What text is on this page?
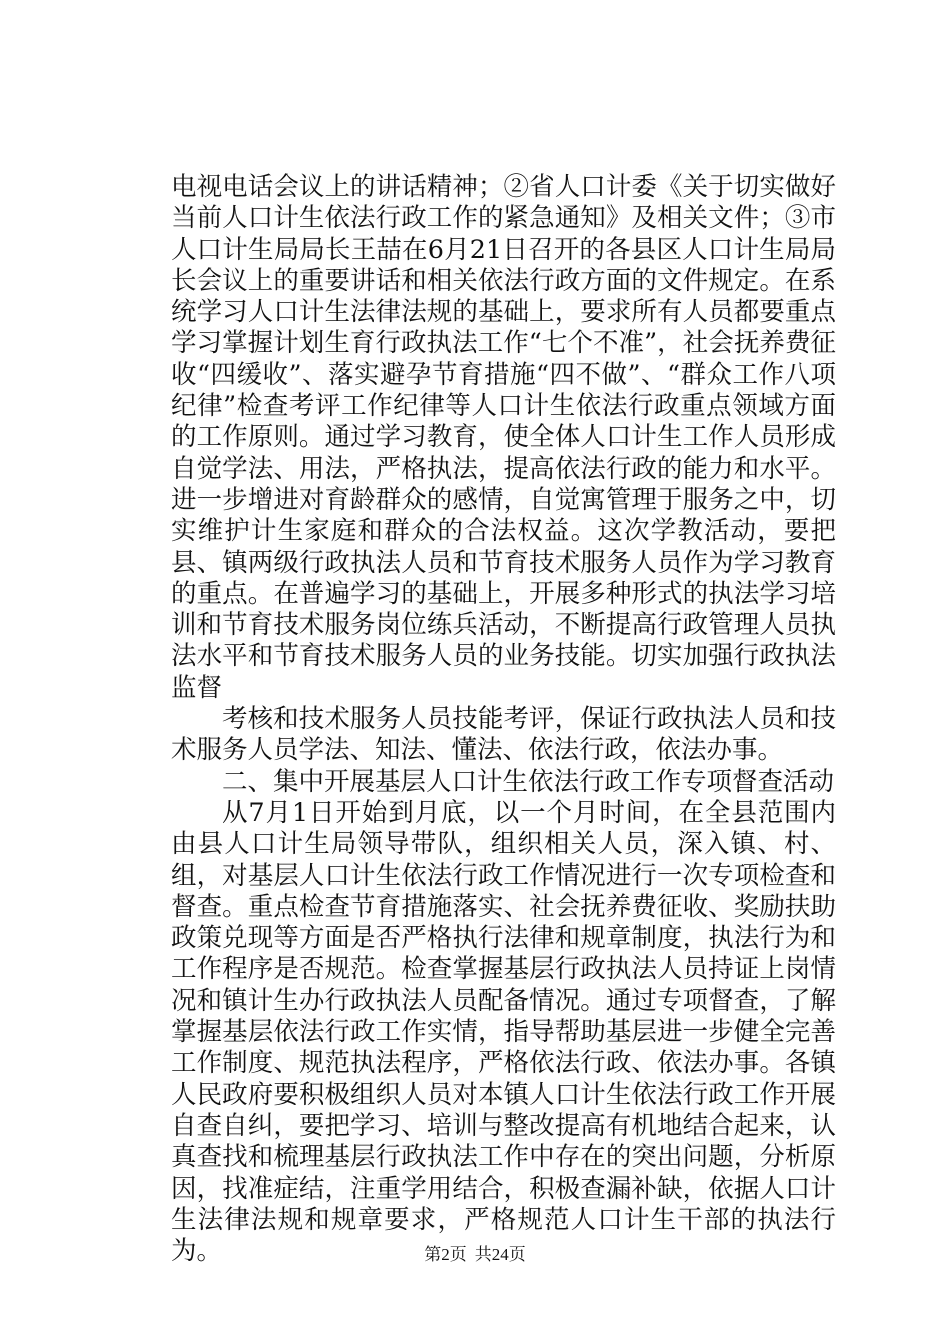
电视电话会议上的讲话精神；②省人口计委《关于切实做好当前人口计生依法行政工作的紧急通知》及相关文件；③市人口计生局局长王喆在6月21日召开的各县区人口计生局局长会议上的重要讲话和相关依法行政方面的文件规定。在系统学习人口计生法律法规的基础上，要求所有人员都要重点学习掌握计划生育行政执法工作“七个不准”，社会抚养费征收“四缓收”、落实避孕节育措施“四不做”、“群众工作八项纪律”检查考评工作纪律等人口计生依法行政重点领域方面的工作原则。通过学习教育，使全体人口计生工作人员形成自觉学法、用法，严格执法，提高依法行政的能力和水平。进一步增进对育龄群众的感情，自觉寓管理于服务之中，切实维护计生家庭和群众的合法权益。这次学教活动，要把县、镇两级行政执法人员和节育技术服务人员作为学习教育的重点。在普遍学习的基础上，开展多种形式的执法学习培训和节育技术服务岗位练兵活动，不断提高行政管理人员执法水平和节育技术服务人员的业务技能。切实加强行政执法监督

考核和技术服务人员技能考评，保证行政执法人员和技术服务人员学法、知法、懂法、依法行政，依法办事。

二、集中开展基层人口计生依法行政工作专项督查活动

从7月1日开始到月底，以一个月时间，在全县范围内由县人口计生局领导带队，组织相关人员，深入镇、村、组，对基层人口计生依法行政工作情况进行一次专项检查和督查。重点检查节育措施落实、社会抚养费征收、奖励扶助政策兑现等方面是否严格执行法律和规章制度，执法行为和工作程序是否规范。检查掌握基层行政执法人员持证上岗情况和镇计生办行政执法人员配备情况。通过专项督查，了解掌握基层依法行政工作实情，指导帮助基层进一步健全完善工作制度、规范执法程序，严格依法行政、依法办事。各镇人民政府要积极组织人员对本镇人口计生依法行政工作开展自查自纠，要把学习、培训与整改提高有机地结合起来，认真查找和梳理基层行政执法工作中存在的突出问题，分析原因，找准症结，注重学用结合，积极查漏补缺，依据人口计生法律法规和规章要求，严格规范人口计生干部的执法行为。	第2页 共24页
